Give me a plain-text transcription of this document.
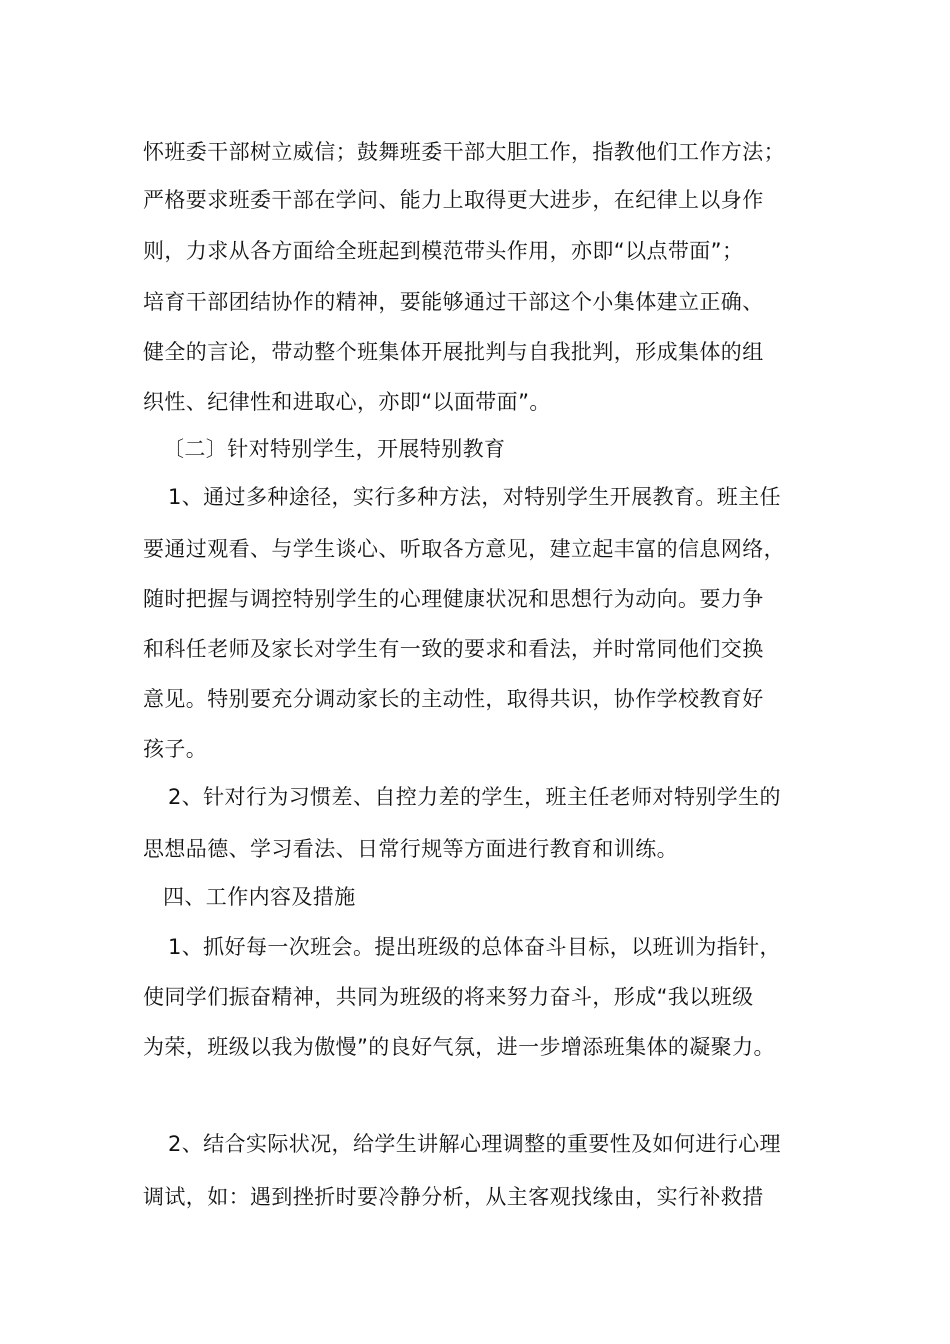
怀班委干部树立威信；鼓舞班委干部大胆工作，指教他们工作方法；
严格要求班委干部在学问、能力上取得更大进步，在纪律上以身作
则，力求从各方面给全班起到模范带头作用，亦即“以点带面”；
培育干部团结协作的精神，要能够通过干部这个小集体建立正确、
健全的言论，带动整个班集体开展批判与自我批判，形成集体的组
织性、纪律性和进取心，亦即“以面带面”。
〔二〕针对特别学生，开展特别教育
1、通过多种途径，实行多种方法，对特别学生开展教育。班主任
要通过观看、与学生谈心、听取各方意见，建立起丰富的信息网络，
随时把握与调控特别学生的心理健康状况和思想行为动向。要力争
和科任老师及家长对学生有一致的要求和看法，并时常同他们交换
意见。特别要充分调动家长的主动性，取得共识，协作学校教育好
孩子。
2、针对行为习惯差、自控力差的学生，班主任老师对特别学生的
思想品德、学习看法、日常行规等方面进行教育和训练。
四、工作内容及措施
1、抓好每一次班会。提出班级的总体奋斗目标，以班训为指针，
使同学们振奋精神，共同为班级的将来努力奋斗，形成“我以班级
为荣，班级以我为傲慢”的良好气氛，进一步增添班集体的凝聚力。
2、结合实际状况，给学生讲解心理调整的重要性及如何进行心理
调试，如：遇到挫折时要冷静分析，从主客观找缘由，实行补救措
